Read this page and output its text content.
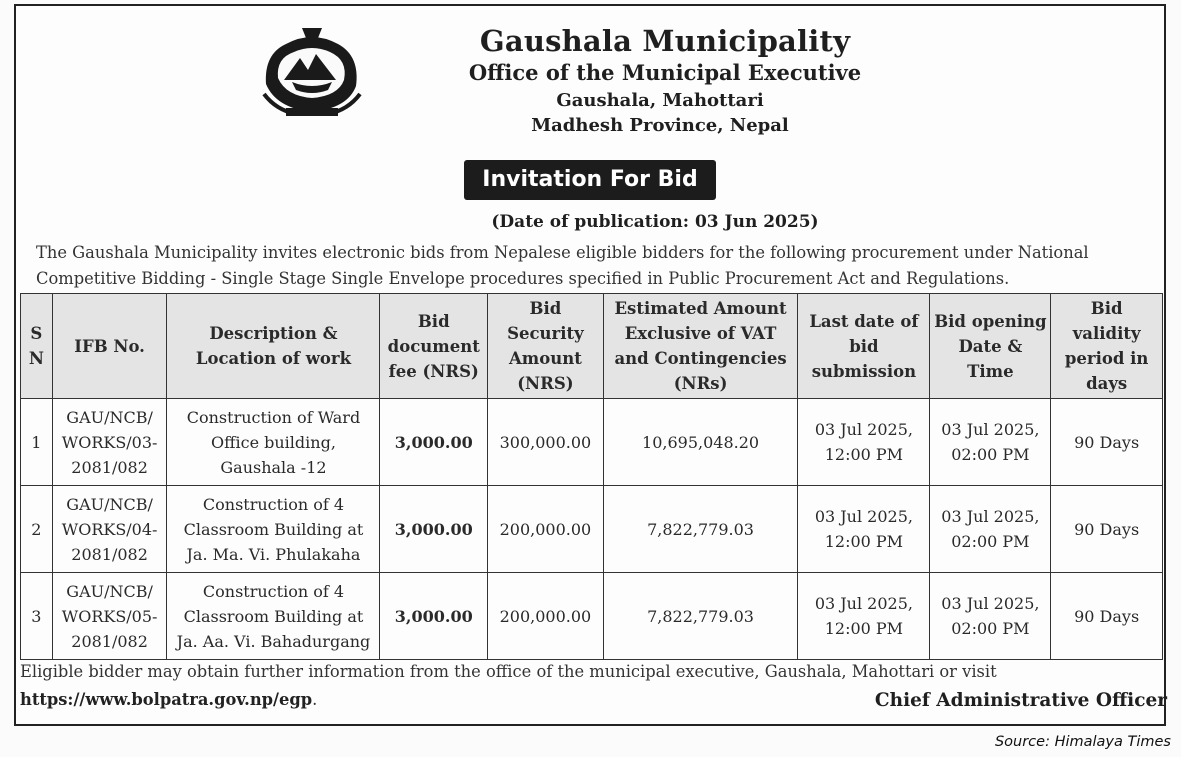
Gaushala Municipality
Office of the Municipal Executive
Gaushala, Mahottari
Madhesh Province, Nepal
Invitation For Bid
(Date of publication: 03 Jun 2025)
The Gaushala Municipality invites electronic bids from Nepalese eligible bidders for the following procurement under National Competitive Bidding - Single Stage Single Envelope procedures specified in Public Procurement Act and Regulations.
S N	IFB No.	Description & Location of work	Bid document fee (NRS)	Bid Security Amount (NRS)	Estimated Amount Exclusive of VAT and Contingencies (NRs)	Last date of bid submission	Bid opening Date & Time	Bid validity period in days
1	GAU/NCB/ WORKS/03- 2081/082	Construction of Ward Office building, Gaushala -12	3,000.00	300,000.00	10,695,048.20	03 Jul 2025, 12:00 PM	03 Jul 2025, 02:00 PM	90 Days
2	GAU/NCB/ WORKS/04- 2081/082	Construction of 4 Classroom Building at Ja. Ma. Vi. Phulakaha	3,000.00	200,000.00	7,822,779.03	03 Jul 2025, 12:00 PM	03 Jul 2025, 02:00 PM	90 Days
3	GAU/NCB/ WORKS/05- 2081/082	Construction of 4 Classroom Building at Ja. Aa. Vi. Bahadurgang	3,000.00	200,000.00	7,822,779.03	03 Jul 2025, 12:00 PM	03 Jul 2025, 02:00 PM	90 Days
Eligible bidder may obtain further information from the office of the municipal executive, Gaushala, Mahottari or visit https://www.bolpatra.gov.np/egp.	Chief Administrative Officer
Source: Himalaya Times
